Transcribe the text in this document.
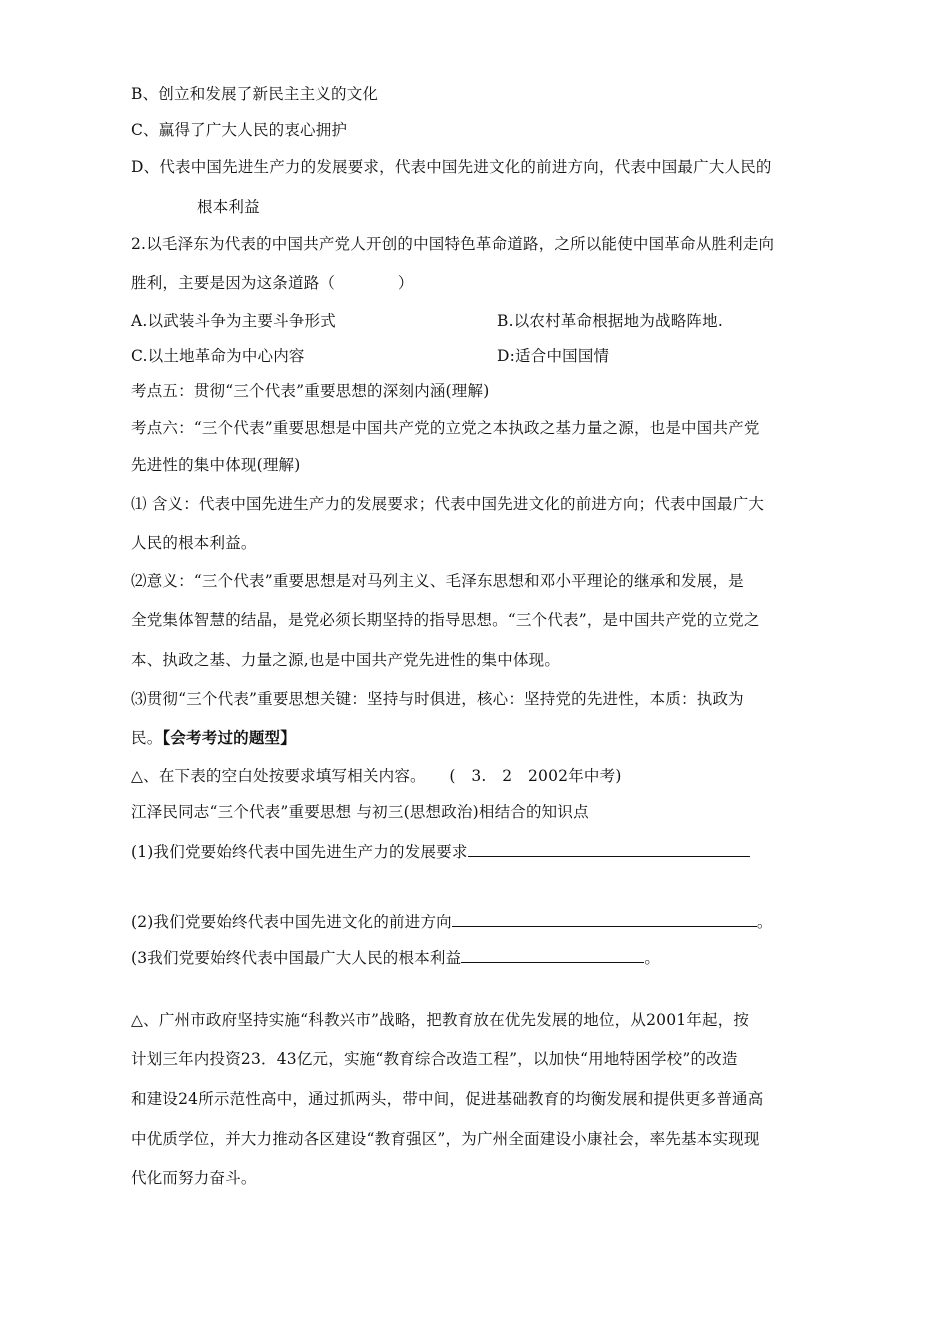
B、创立和发展了新民主主义的文化
C、赢得了广大人民的衷心拥护
D、代表中国先进生产力的发展要求，代表中国先进文化的前进方向，代表中国最广大人民的
根本利益
2.以毛泽东为代表的中国共产党人开创的中国特色革命道路，之所以能使中国革命从胜利走向
胜利，主要是因为这条道路（　　　　）
A.以武装斗争为主要斗争形式	B.以农村革命根据地为战略阵地.
C.以土地革命为中心内容	D:适合中国国情
考点五：贯彻“三个代表”重要思想的深刻内涵(理解)
考点六：“三个代表”重要思想是中国共产党的立党之本执政之基力量之源，也是中国共产党
先进性的集中体现(理解)
⑴ 含义：代表中国先进生产力的发展要求；代表中国先进文化的前进方向；代表中国最广大
人民的根本利益。
⑵意义：“三个代表”重要思想是对马列主义、毛泽东思想和邓小平理论的继承和发展，是
全党集体智慧的结晶，是党必须长期坚持的指导思想。“三个代表”，是中国共产党的立党之
本、执政之基、力量之源,也是中国共产党先进性的集中体现。
⑶贯彻“三个代表”重要思想关键：坚持与时俱进，核心：坚持党的先进性，本质：执政为
民。【会考考过的题型】
△、在下表的空白处按要求填写相关内容。　　(　3.　2　2002年中考)
江泽民同志“三个代表”重要思想 与初三(思想政治)相结合的知识点
(1)我们党要始终代表中国先进生产力的发展要求
(2)我们党要始终代表中国先进文化的前进方向	。
(3我们党要始终代表中国最广大人民的根本利益	。
△、广州市政府坚持实施“科教兴市”战略，把教育放在优先发展的地位，从2001年起，按
计划三年内投资23．43亿元，实施“教育综合改造工程”，以加快“用地特困学校”的改造
和建设24所示范性高中，通过抓两头，带中间，促进基础教育的均衡发展和提供更多普通高
中优质学位，并大力推动各区建设“教育强区”，为广州全面建设小康社会，率先基本实现现
代化而努力奋斗。
